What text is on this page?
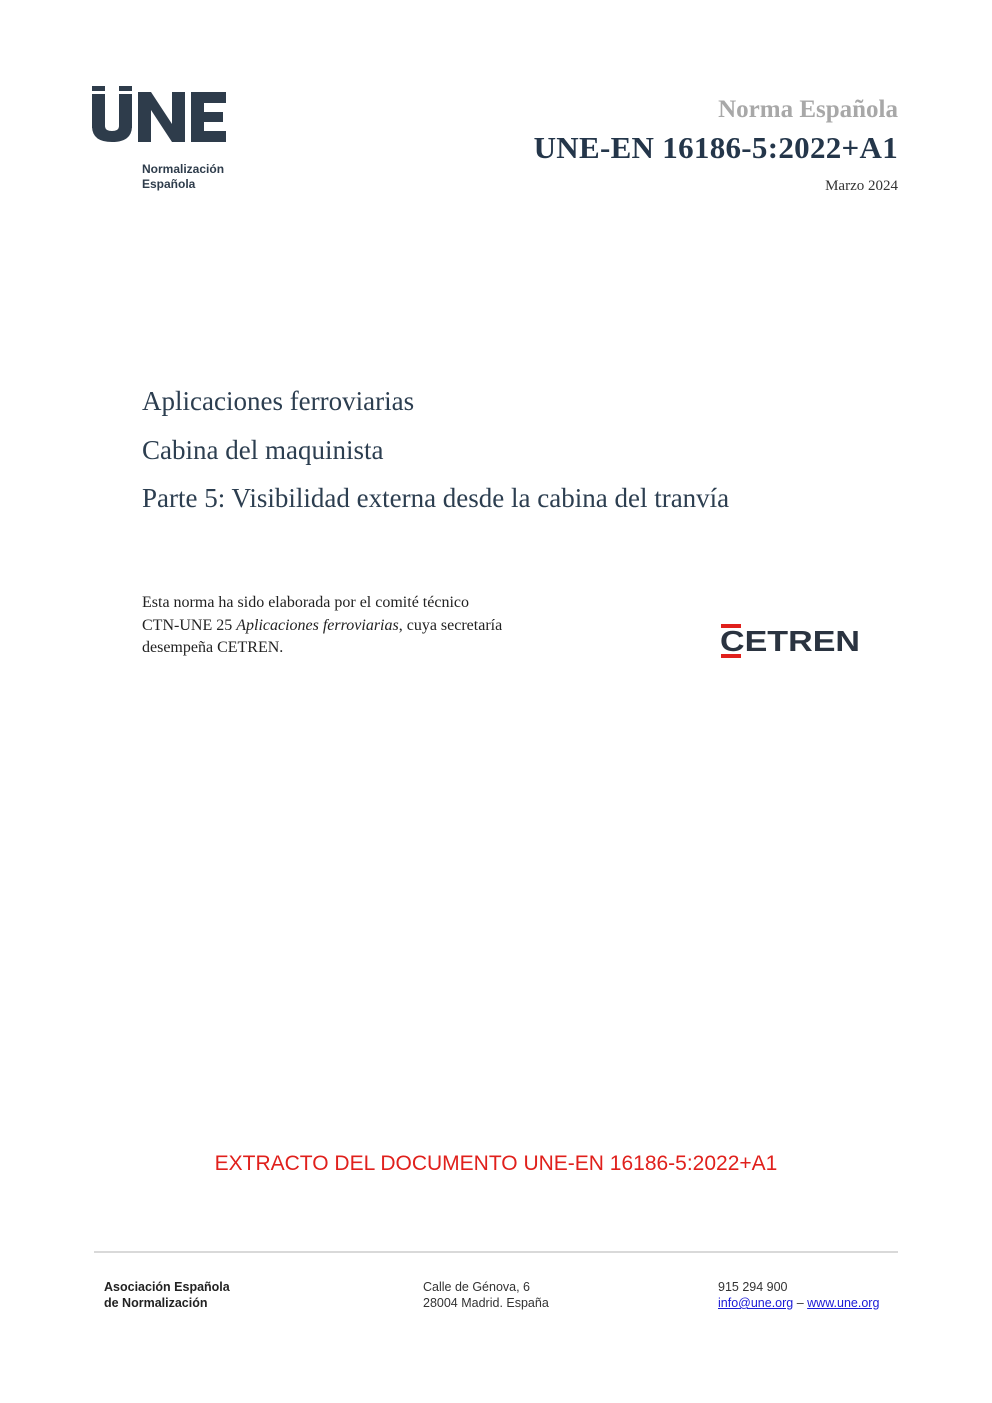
Normalización
Española
Norma Española
UNE-EN 16186-5:2022+A1
Marzo 2024
Aplicaciones ferroviarias
Cabina del maquinista
Parte 5: Visibilidad externa desde la cabina del tranvía
Esta norma ha sido elaborada por el comité técnico
CTN-UNE 25 Aplicaciones ferroviarias, cuya secretaría
desempeña CETREN.	CETREN
EXTRACTO DEL DOCUMENTO UNE-EN 16186-5:2022+A1
Asociación Española
de Normalización
Calle de Génova, 6
28004 Madrid. España
915 294 900
info@une.org – www.une.org
